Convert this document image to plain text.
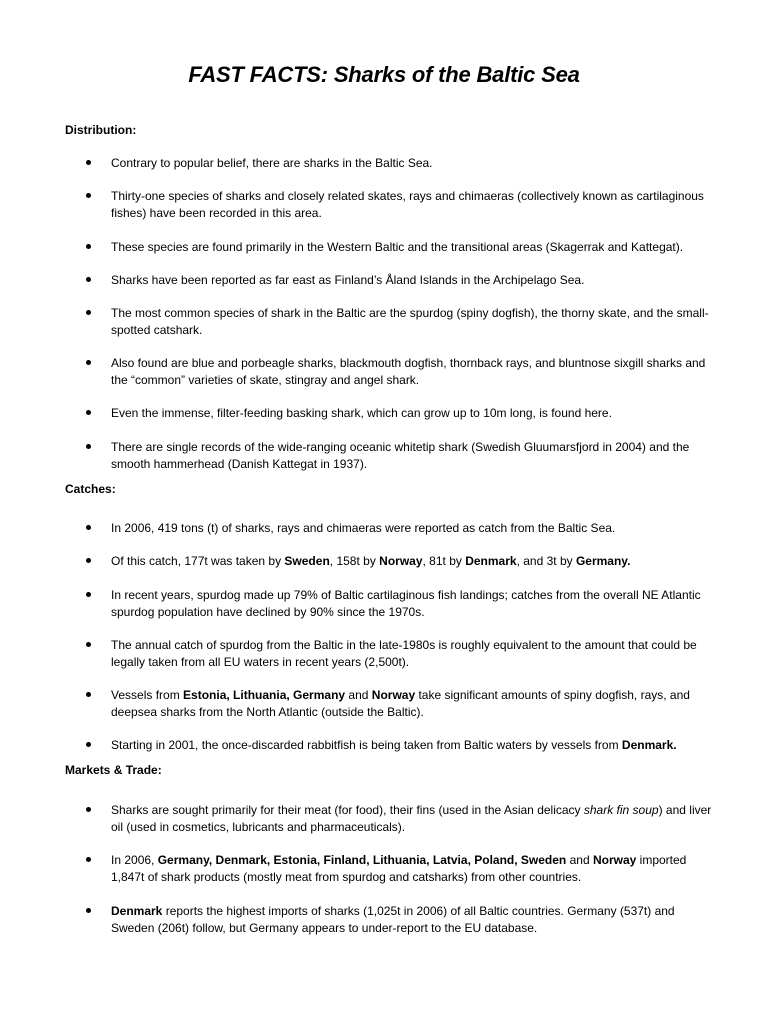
FAST FACTS: Sharks of the Baltic Sea
Distribution:
Contrary to popular belief, there are sharks in the Baltic Sea.
Thirty-one species of sharks and closely related skates, rays and chimaeras (collectively known as cartilaginous fishes) have been recorded in this area.
These species are found primarily in the Western Baltic and the transitional areas (Skagerrak and Kattegat).
Sharks have been reported as far east as Finland’s Åland Islands in the Archipelago Sea.
The most common species of shark in the Baltic are the spurdog (spiny dogfish), the thorny skate, and the small-spotted catshark.
Also found are blue and porbeagle sharks, blackmouth dogfish, thornback rays, and bluntnose sixgill sharks and the “common” varieties of skate, stingray and angel shark.
Even the immense, filter-feeding basking shark, which can grow up to 10m long, is found here.
There are single records of the wide-ranging oceanic whitetip shark (Swedish Gluumarsfjord in 2004) and the smooth hammerhead (Danish Kattegat in 1937).
Catches:
In 2006, 419 tons (t) of sharks, rays and chimaeras were reported as catch from the Baltic Sea.
Of this catch, 177t was taken by Sweden, 158t by Norway, 81t by Denmark, and 3t by Germany.
In recent years, spurdog made up 79% of Baltic cartilaginous fish landings; catches from the overall NE Atlantic spurdog population have declined by 90% since the 1970s.
The annual catch of spurdog from the Baltic in the late-1980s is roughly equivalent to the amount that could be legally taken from all EU waters in recent years (2,500t).
Vessels from Estonia, Lithuania, Germany and Norway take significant amounts of spiny dogfish, rays, and deepsea sharks from the North Atlantic (outside the Baltic).
Starting in 2001, the once-discarded rabbitfish is being taken from Baltic waters by vessels from Denmark.
Markets & Trade:
Sharks are sought primarily for their meat (for food), their fins (used in the Asian delicacy shark fin soup) and liver oil (used in cosmetics, lubricants and pharmaceuticals).
In 2006, Germany, Denmark, Estonia, Finland, Lithuania, Latvia, Poland, Sweden and Norway imported 1,847t of shark products (mostly meat from spurdog and catsharks) from other countries.
Denmark reports the highest imports of sharks (1,025t in 2006) of all Baltic countries. Germany (537t) and Sweden (206t) follow, but Germany appears to under-report to the EU database.
